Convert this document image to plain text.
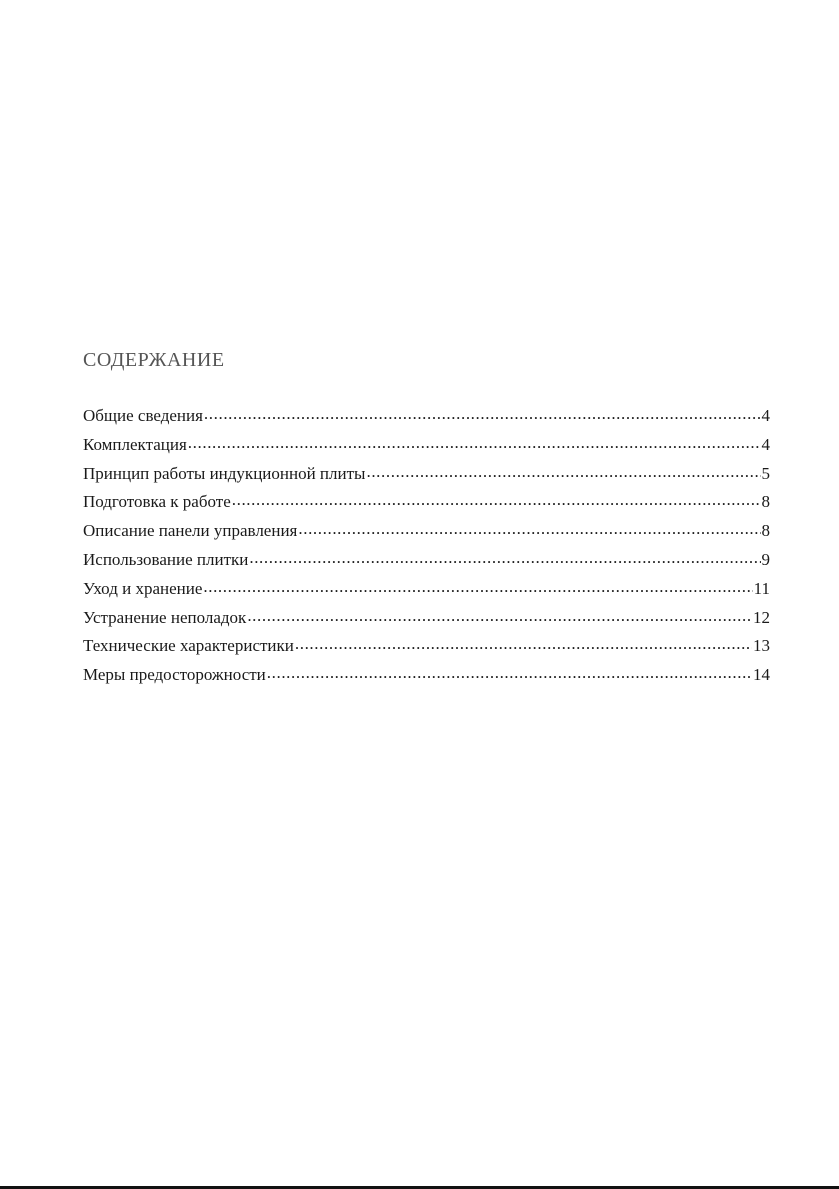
СОДЕРЖАНИЕ
Общие сведения .....	4
Комплектация .....	4
Принцип работы индукционной плиты .....	5
Подготовка к работе .....	8
Описание панели управления .....	8
Использование плитки .....	9
Уход и хранение .....	11
Устранение неполадок .....	12
Технические характеристики .....	13
Меры предосторожности .....	14
